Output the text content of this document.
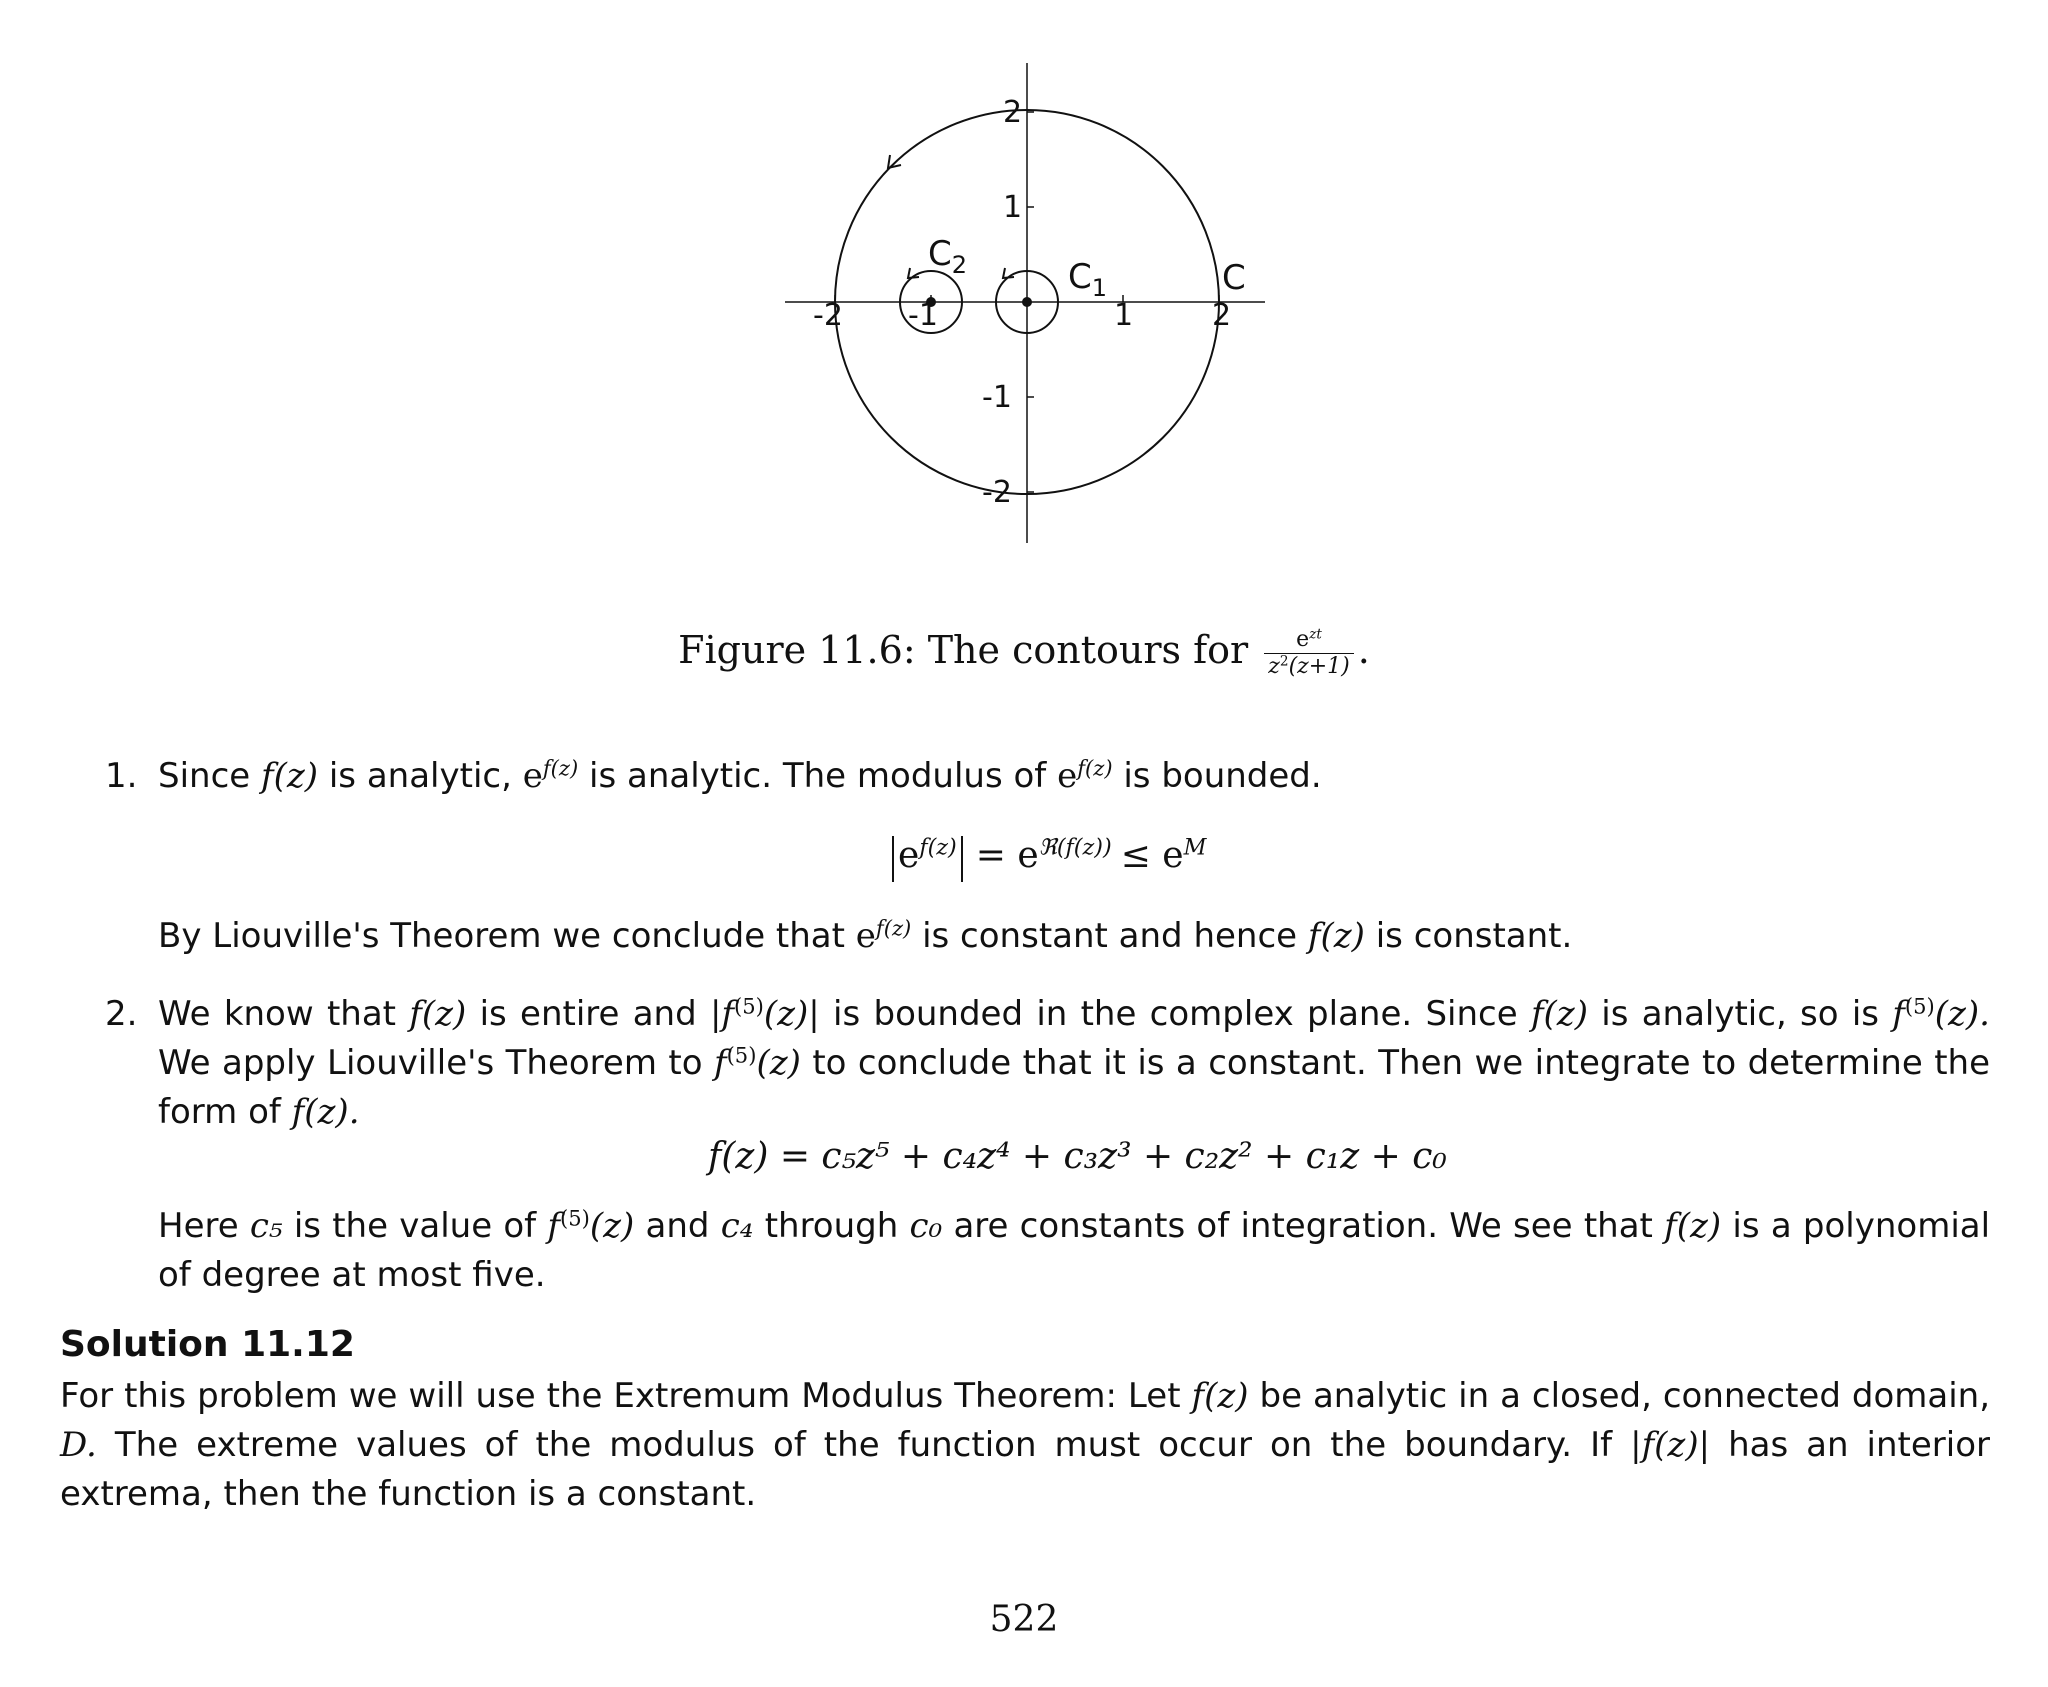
-2 -1	1	2
2
1
-1
-2
C
$C_1$
$C_2$
Figure 11.6: The contours for $\frac{e^{zt}}{z^2(z+1)}$ .
1. Since f(z) is analytic, $e^{f(z)}$ is analytic. The modulus of $e^{f(z)}$ is bounded.
$e^{f(z)} = e^{ℜ(f(z))} \le e^M$
By Liouville's Theorem we conclude that $e^{f(z)}$ is constant and hence f(z) is constant.
2. We know that f(z) is entire and $|f^{(5)}(z)|$ is bounded in the complex plane. Since f(z) is analytic, so is $f^{(5)}(z)$. We apply Liouville's Theorem to $f^{(5)}(z)$ to conclude that it is a constant. Then we integrate to determine the form of f(z).
f(z) = c₅z⁵ + c₄z⁴ + c₃z³ + c₂z² + c₁z + c₀
Here c₅ is the value of $f^{(5)}(z)$ and c₄ through c₀ are constants of integration. We see that f(z) is a polynomial of degree at most five.
Solution 11.12
For this problem we will use the Extremum Modulus Theorem: Let f(z) be analytic in a closed, connected domain, D. The extreme values of the modulus of the function must occur on the boundary. If |f(z)| has an interior extrema, then the function is a constant.
522
